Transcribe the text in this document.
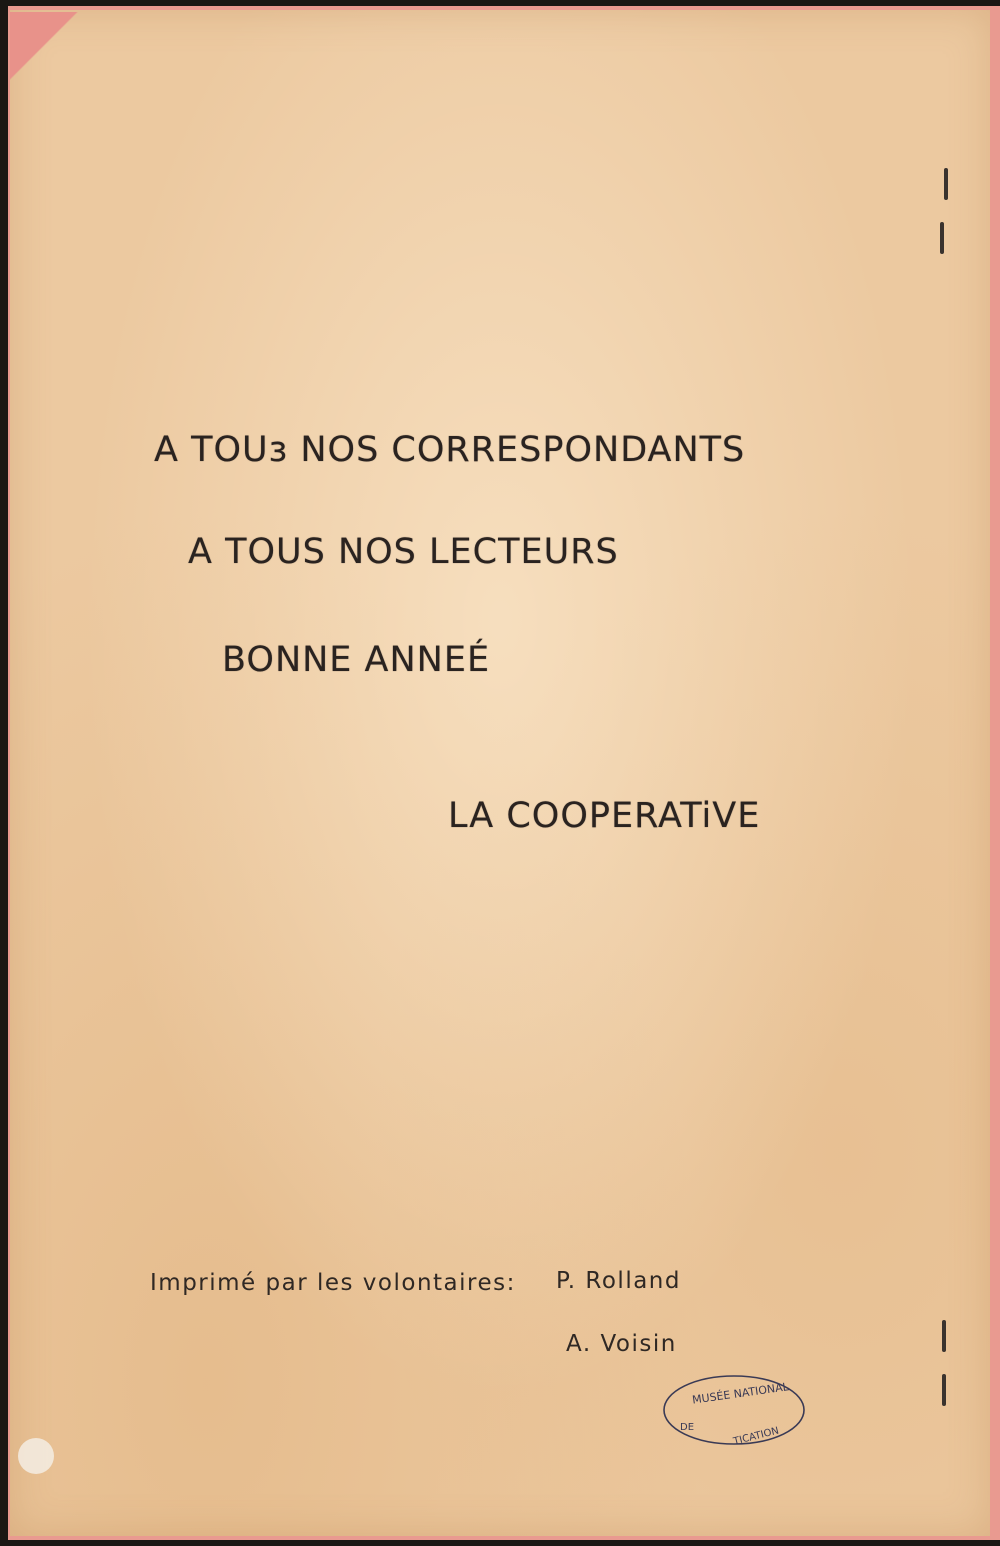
A TOUз NOS CORRESPONDANTS

A TOUS NOS LECTEURS

BONNE ANNEÉ

LA COOPERATiVE

Imprimé par les volontaires: P. Rolland

A. Voisin

MUSÉE NATIONAL
DE	TICATION
